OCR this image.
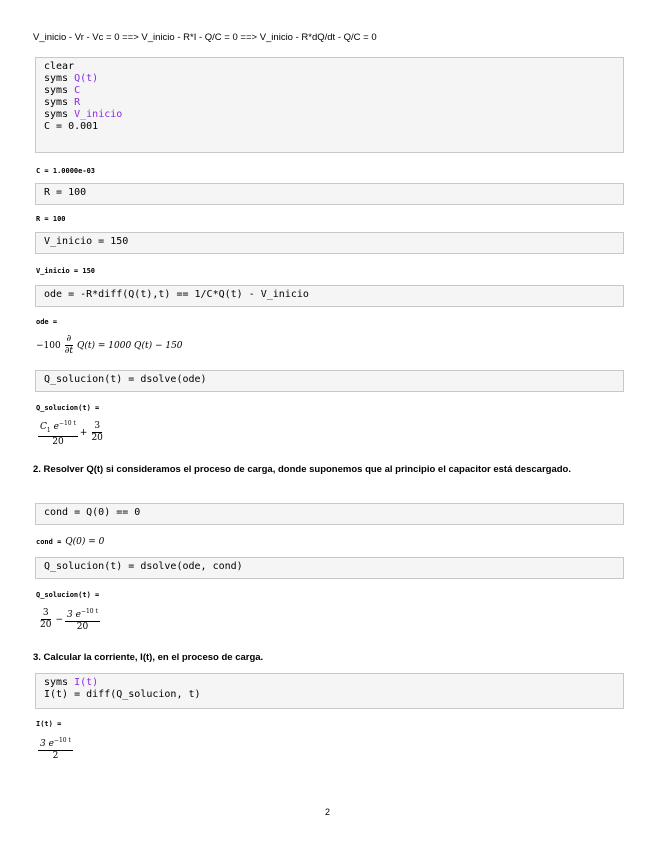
V_inicio - Vr - Vc = 0 ==> V_inicio - R*I - Q/C = 0 ==> V_inicio - R*dQ/dt - Q/C = 0
clear
syms Q(t)
syms C
syms R
syms V_inicio
C = 0.001
C = 1.0000e-03
R = 100
R = 100
V_inicio = 150
V_inicio = 150
ode = -R*diff(Q(t),t) == 1/C*Q(t) - V_inicio
ode =
$-100 \frac{\partial}{\partial t} Q(t) = 1000$ Q(t) − 150
Q_solucion(t) = dsolve(ode)
Q_solucion(t) =
$\frac{C_1 e^{-10 t}}{20} + \frac{3}{20}$
2. Resolver Q(t) si consideramos el proceso de carga, donde suponemos que al principio el capacitor está descargado.
cond = Q(0) == 0
cond = Q(0) = 0
Q_solucion(t) = dsolve(ode, cond)
Q_solucion(t) =
$\frac{3}{20} - \frac{3 e^{-10 t}}{20}$
3. Calcular la corriente, I(t), en el proceso de carga.
syms I(t)
I(t) = diff(Q_solucion, t)
I(t) =
$\frac{3 e^{-10 t}}{2}$
2
